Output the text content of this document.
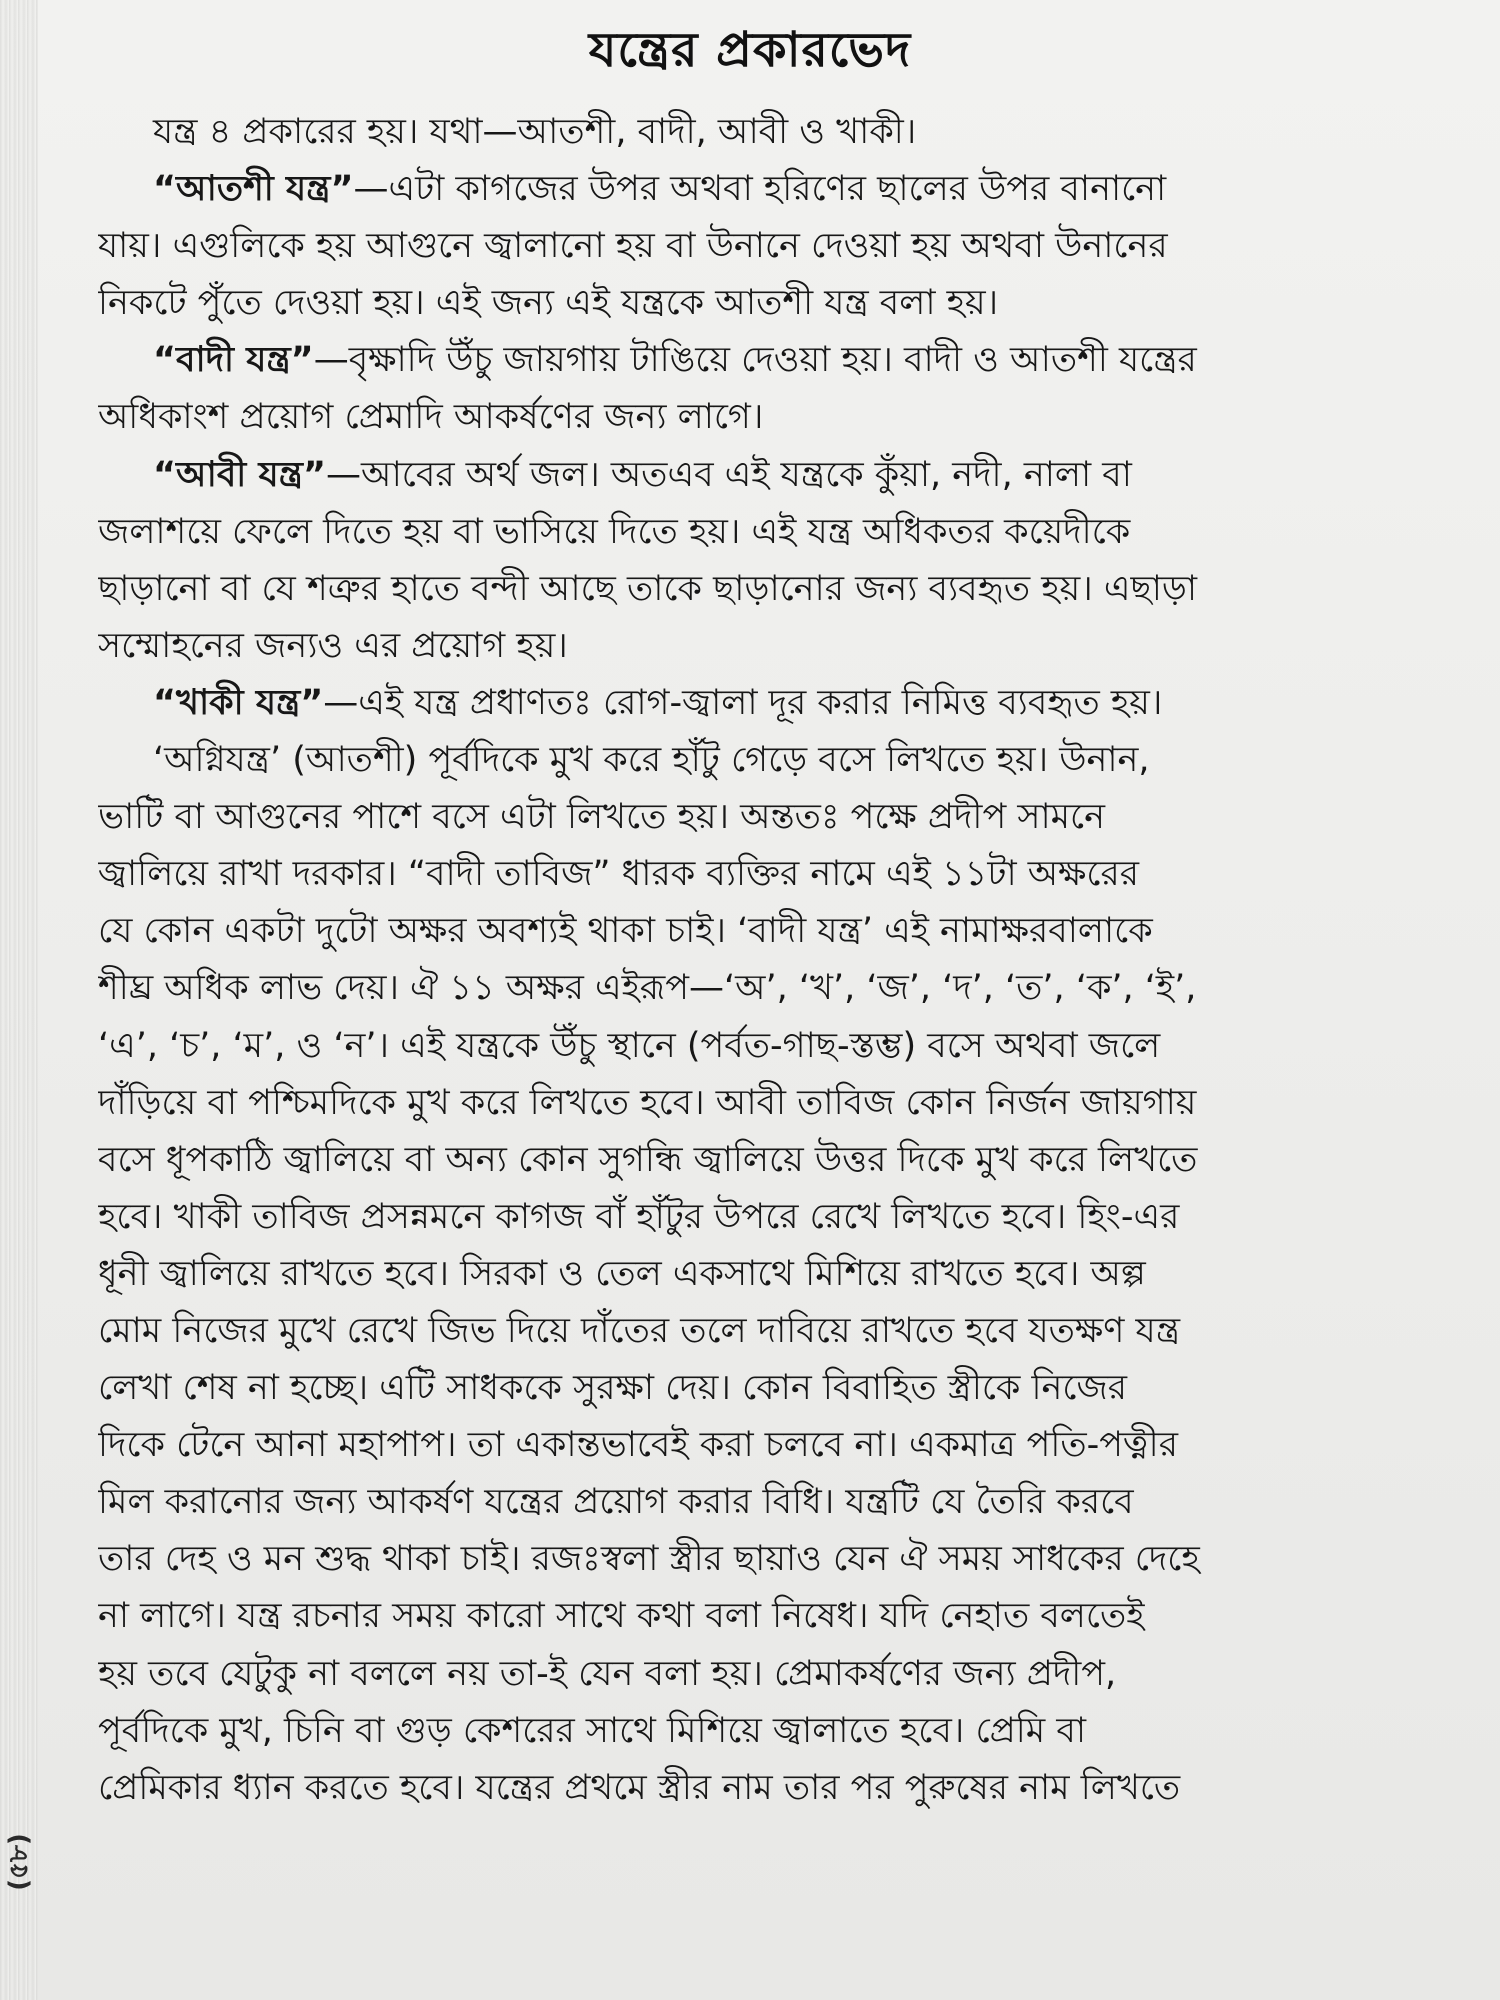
(৫৮)
যন্ত্রের প্রকারভেদ
যন্ত্র ৪ প্রকারের হয়। যথা—আতশী, বাদী, আবী ও খাকী।
“আতশী যন্ত্র”—এটা কাগজের উপর অথবা হরিণের ছালের উপর বানানো
যায়। এগুলিকে হয় আগুনে জ্বালানো হয় বা উনানে দেওয়া হয় অথবা উনানের
নিকটে পুঁতে দেওয়া হয়। এই জন্য এই যন্ত্রকে আতশী যন্ত্র বলা হয়।
“বাদী যন্ত্র”—বৃক্ষাদি উঁচু জায়গায় টাঙিয়ে দেওয়া হয়। বাদী ও আতশী যন্ত্রের
অধিকাংশ প্রয়োগ প্রেমাদি আকর্ষণের জন্য লাগে।
“আবী যন্ত্র”—আবের অর্থ জল। অতএব এই যন্ত্রকে কুঁয়া, নদী, নালা বা
জলাশয়ে ফেলে দিতে হয় বা ভাসিয়ে দিতে হয়। এই যন্ত্র অধিকতর কয়েদীকে
ছাড়ানো বা যে শত্রুর হাতে বন্দী আছে তাকে ছাড়ানোর জন্য ব্যবহৃত হয়। এছাড়া
সম্মোহনের জন্যও এর প্রয়োগ হয়।
“খাকী যন্ত্র”—এই যন্ত্র প্রধাণতঃ রোগ-জ্বালা দূর করার নিমিত্ত ব্যবহৃত হয়।
‘অগ্নিযন্ত্র’ (আতশী) পূর্বদিকে মুখ করে হাঁটু গেড়ে বসে লিখতে হয়। উনান,
ভাটি বা আগুনের পাশে বসে এটা লিখতে হয়। অন্ততঃ পক্ষে প্রদীপ সামনে
জ্বালিয়ে রাখা দরকার। “বাদী তাবিজ” ধারক ব্যক্তির নামে এই ১১টা অক্ষরের
যে কোন একটা দুটো অক্ষর অবশ্যই থাকা চাই। ‘বাদী যন্ত্র’ এই নামাক্ষরবালাকে
শীঘ্র অধিক লাভ দেয়। ঐ ১১ অক্ষর এইরূপ—‘অ’, ‘খ’, ‘জ’, ‘দ’, ‘ত’, ‘ক’, ‘ই’,
‘এ’, ‘চ’, ‘ম’, ও ‘ন’। এই যন্ত্রকে উঁচু স্থানে (পর্বত-গাছ-স্তম্ভ) বসে অথবা জলে
দাঁড়িয়ে বা পশ্চিমদিকে মুখ করে লিখতে হবে। আবী তাবিজ কোন নির্জন জায়গায়
বসে ধূপকাঠি জ্বালিয়ে বা অন্য কোন সুগন্ধি জ্বালিয়ে উত্তর দিকে মুখ করে লিখতে
হবে। খাকী তাবিজ প্রসন্নমনে কাগজ বাঁ হাঁটুর উপরে রেখে লিখতে হবে। হিং-এর
ধূনী জ্বালিয়ে রাখতে হবে। সিরকা ও তেল একসাথে মিশিয়ে রাখতে হবে। অল্প
মোম নিজের মুখে রেখে জিভ দিয়ে দাঁতের তলে দাবিয়ে রাখতে হবে যতক্ষণ যন্ত্র
লেখা শেষ না হচ্ছে। এটি সাধককে সুরক্ষা দেয়। কোন বিবাহিত স্ত্রীকে নিজের
দিকে টেনে আনা মহাপাপ। তা একান্তভাবেই করা চলবে না। একমাত্র পতি-পত্নীর
মিল করানোর জন্য আকর্ষণ যন্ত্রের প্রয়োগ করার বিধি। যন্ত্রটি যে তৈরি করবে
তার দেহ ও মন শুদ্ধ থাকা চাই। রজঃস্বলা স্ত্রীর ছায়াও যেন ঐ সময় সাধকের দেহে
না লাগে। যন্ত্র রচনার সময় কারো সাথে কথা বলা নিষেধ। যদি নেহাত বলতেই
হয় তবে যেটুকু না বললে নয় তা-ই যেন বলা হয়। প্রেমাকর্ষণের জন্য প্রদীপ,
পূর্বদিকে মুখ, চিনি বা গুড় কেশরের সাথে মিশিয়ে জ্বালাতে হবে। প্রেমি বা
প্রেমিকার ধ্যান করতে হবে। যন্ত্রের প্রথমে স্ত্রীর নাম তার পর পুরুষের নাম লিখতে
